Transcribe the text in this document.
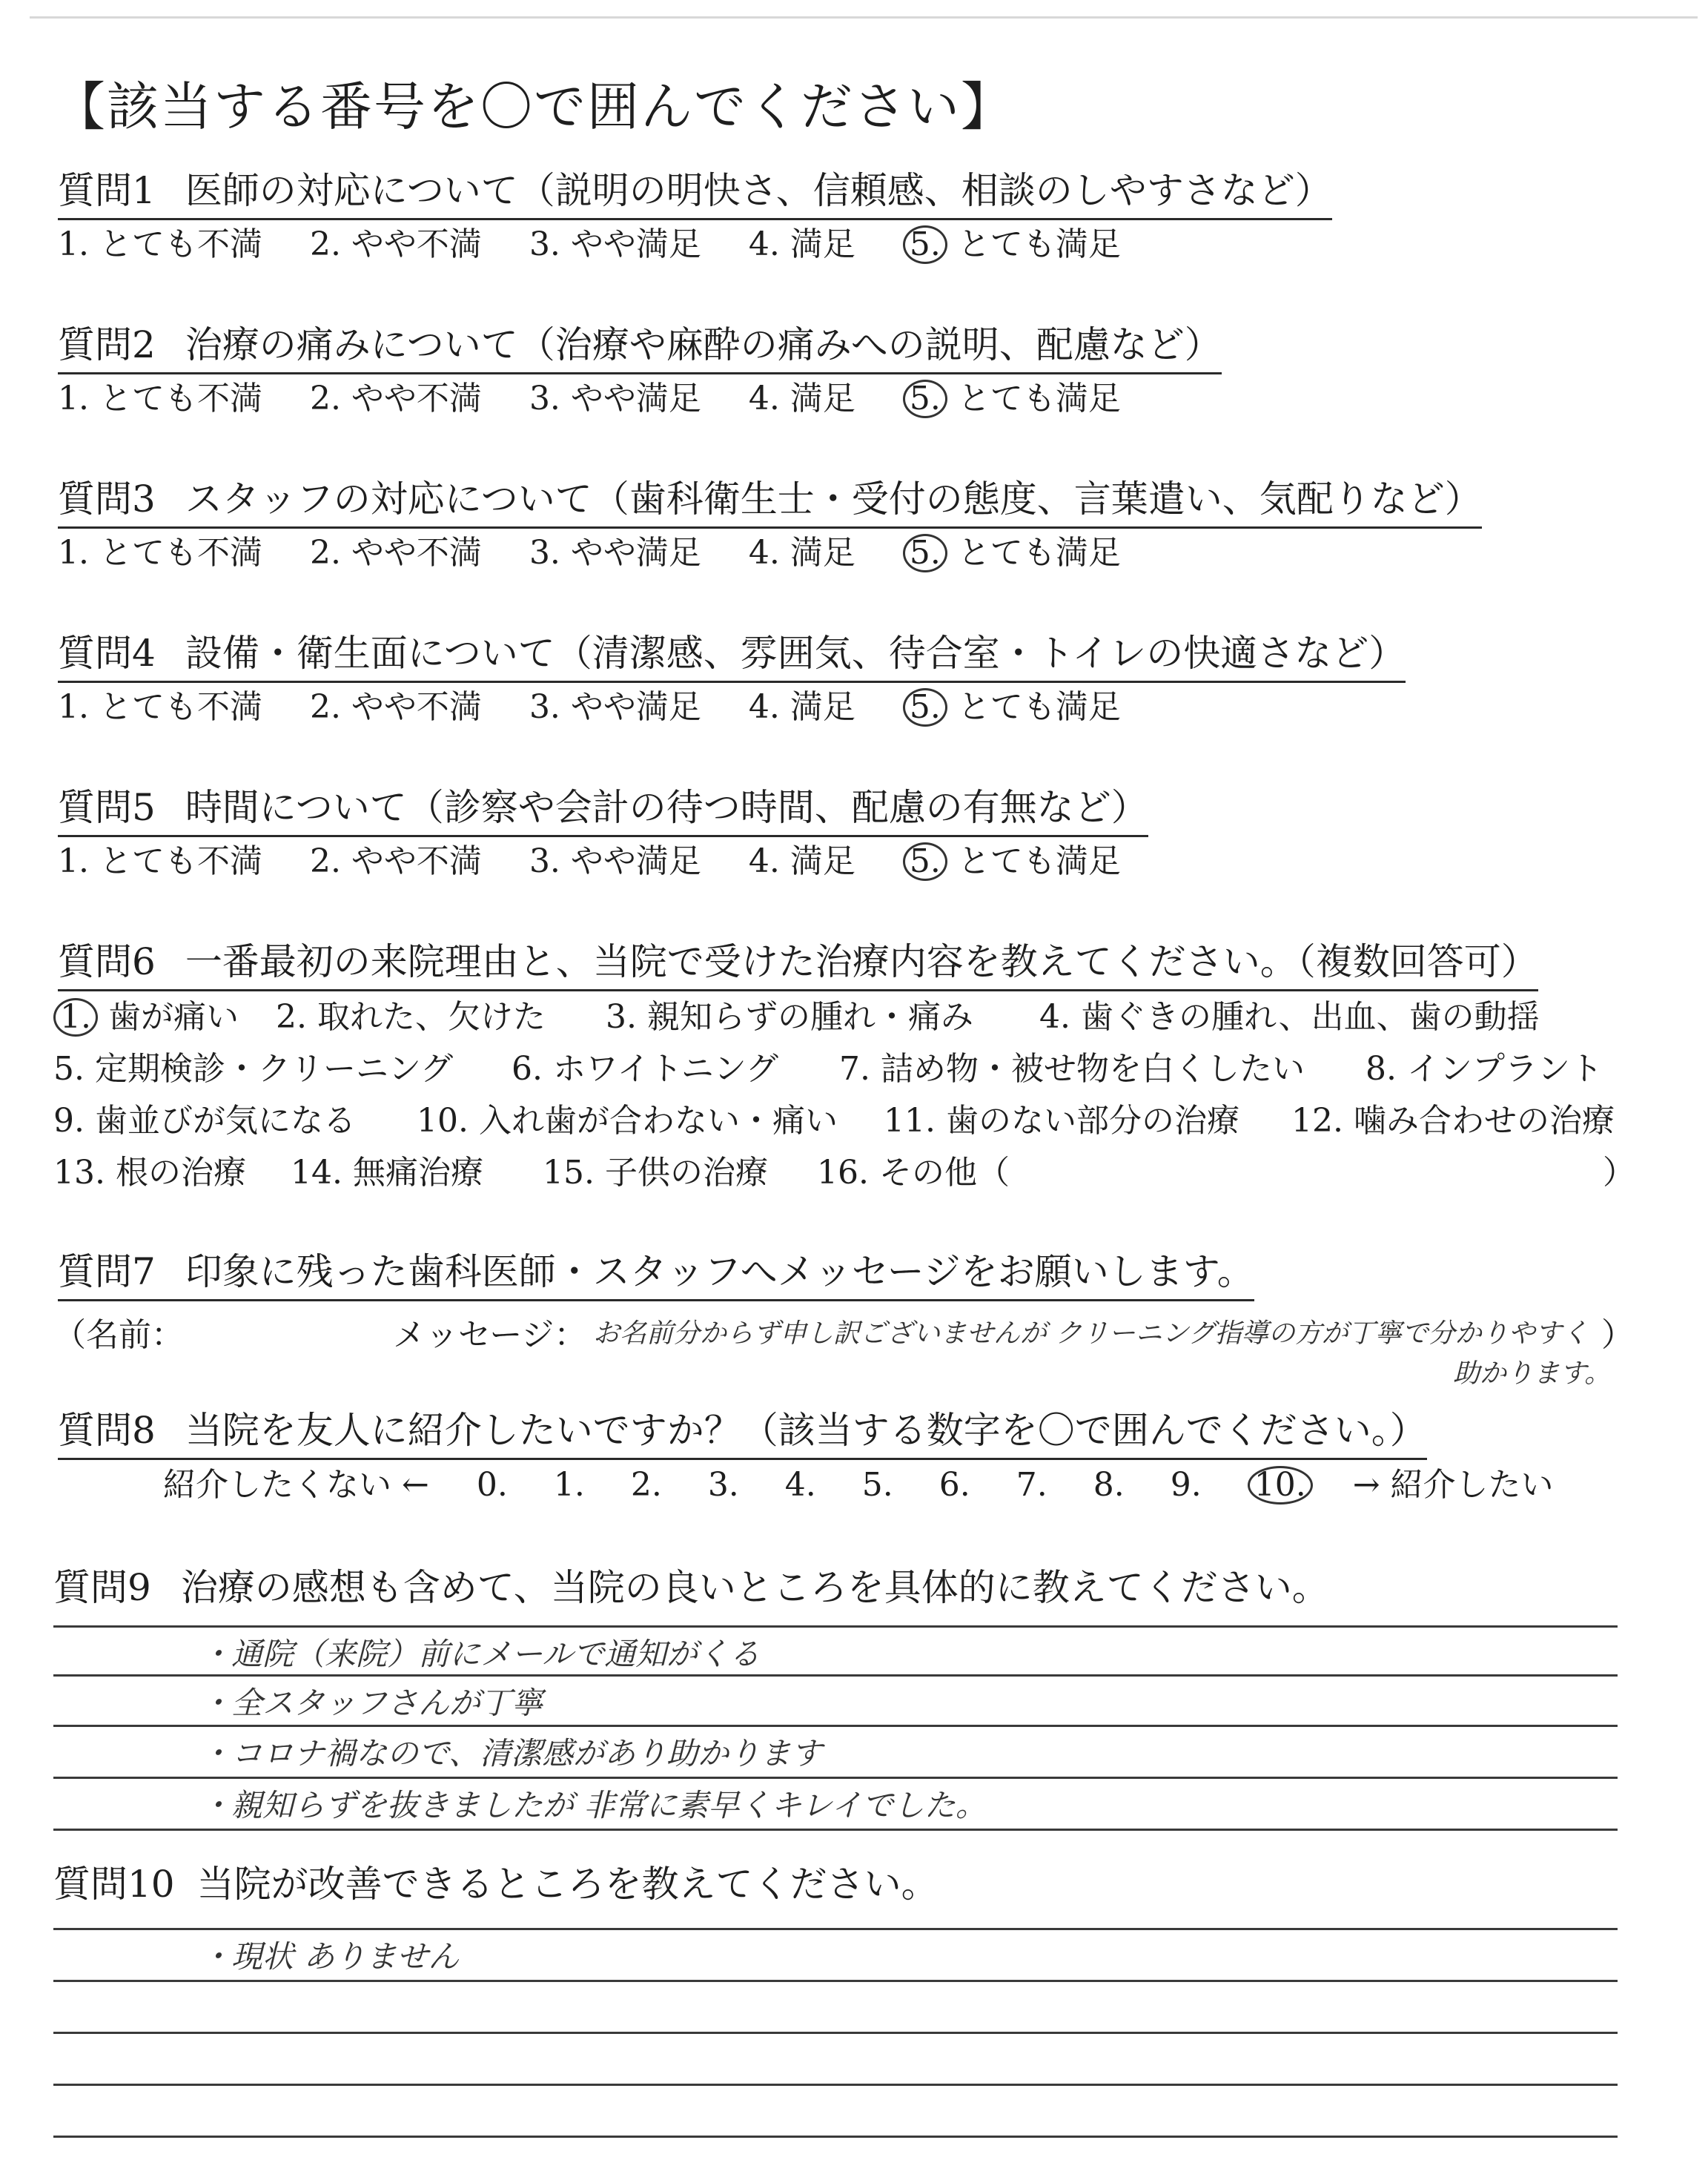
【該当する番号を〇で囲んでください】
質問1 医師の対応について（説明の明快さ、信頼感、相談のしやすさなど）
1. とても不満 2. やや不満 3. やや満足 4. 満足 5. とても満足
質問2 治療の痛みについて（治療や麻酔の痛みへの説明、配慮など）
1. とても不満 2. やや不満 3. やや満足 4. 満足 5. とても満足
質問3 スタッフの対応について（歯科衛生士・受付の態度、言葉遣い、気配りなど）
1. とても不満 2. やや不満 3. やや満足 4. 満足 5. とても満足
質問4 設備・衛生面について（清潔感、雰囲気、待合室・トイレの快適さなど）
1. とても不満 2. やや不満 3. やや満足 4. 満足 5. とても満足
質問5 時間について（診察や会計の待つ時間、配慮の有無など）
1. とても不満 2. やや不満 3. やや満足 4. 満足 5. とても満足
質問6 一番最初の来院理由と、当院で受けた治療内容を教えてください。（複数回答可）
1. 歯が痛い 2. 取れた、欠けた 3. 親知らずの腫れ・痛み 4. 歯ぐきの腫れ、出血、歯の動揺
5. 定期検診・クリーニング 6. ホワイトニング 7. 詰め物・被せ物を白くしたい 8. インプラント
9. 歯並びが気になる 10. 入れ歯が合わない・痛い 11. 歯のない部分の治療 12. 噛み合わせの治療
13. 根の治療 14. 無痛治療 15. 子供の治療 16. その他（	）
質問7 印象に残った歯科医師・スタッフへメッセージをお願いします。
（名前：	メッセージ： お名前分からず申し訳ございませんが クリーニング指導の方が丁寧で分かりやすく ）
助かります。
質問8 当院を友人に紹介したいですか？（該当する数字を〇で囲んでください。）
紹介したくない ← 0. 1. 2. 3. 4. 5. 6. 7. 8. 9. 10. → 紹介したい
質問9 治療の感想も含めて、当院の良いところを具体的に教えてください。
・通院（来院）前にメールで通知がくる
・全スタッフさんが丁寧
・コロナ禍なので、清潔感があり助かります
・親知らずを抜きましたが 非常に素早くキレイでした。
質問10 当院が改善できるところを教えてください。
・現状 ありません
